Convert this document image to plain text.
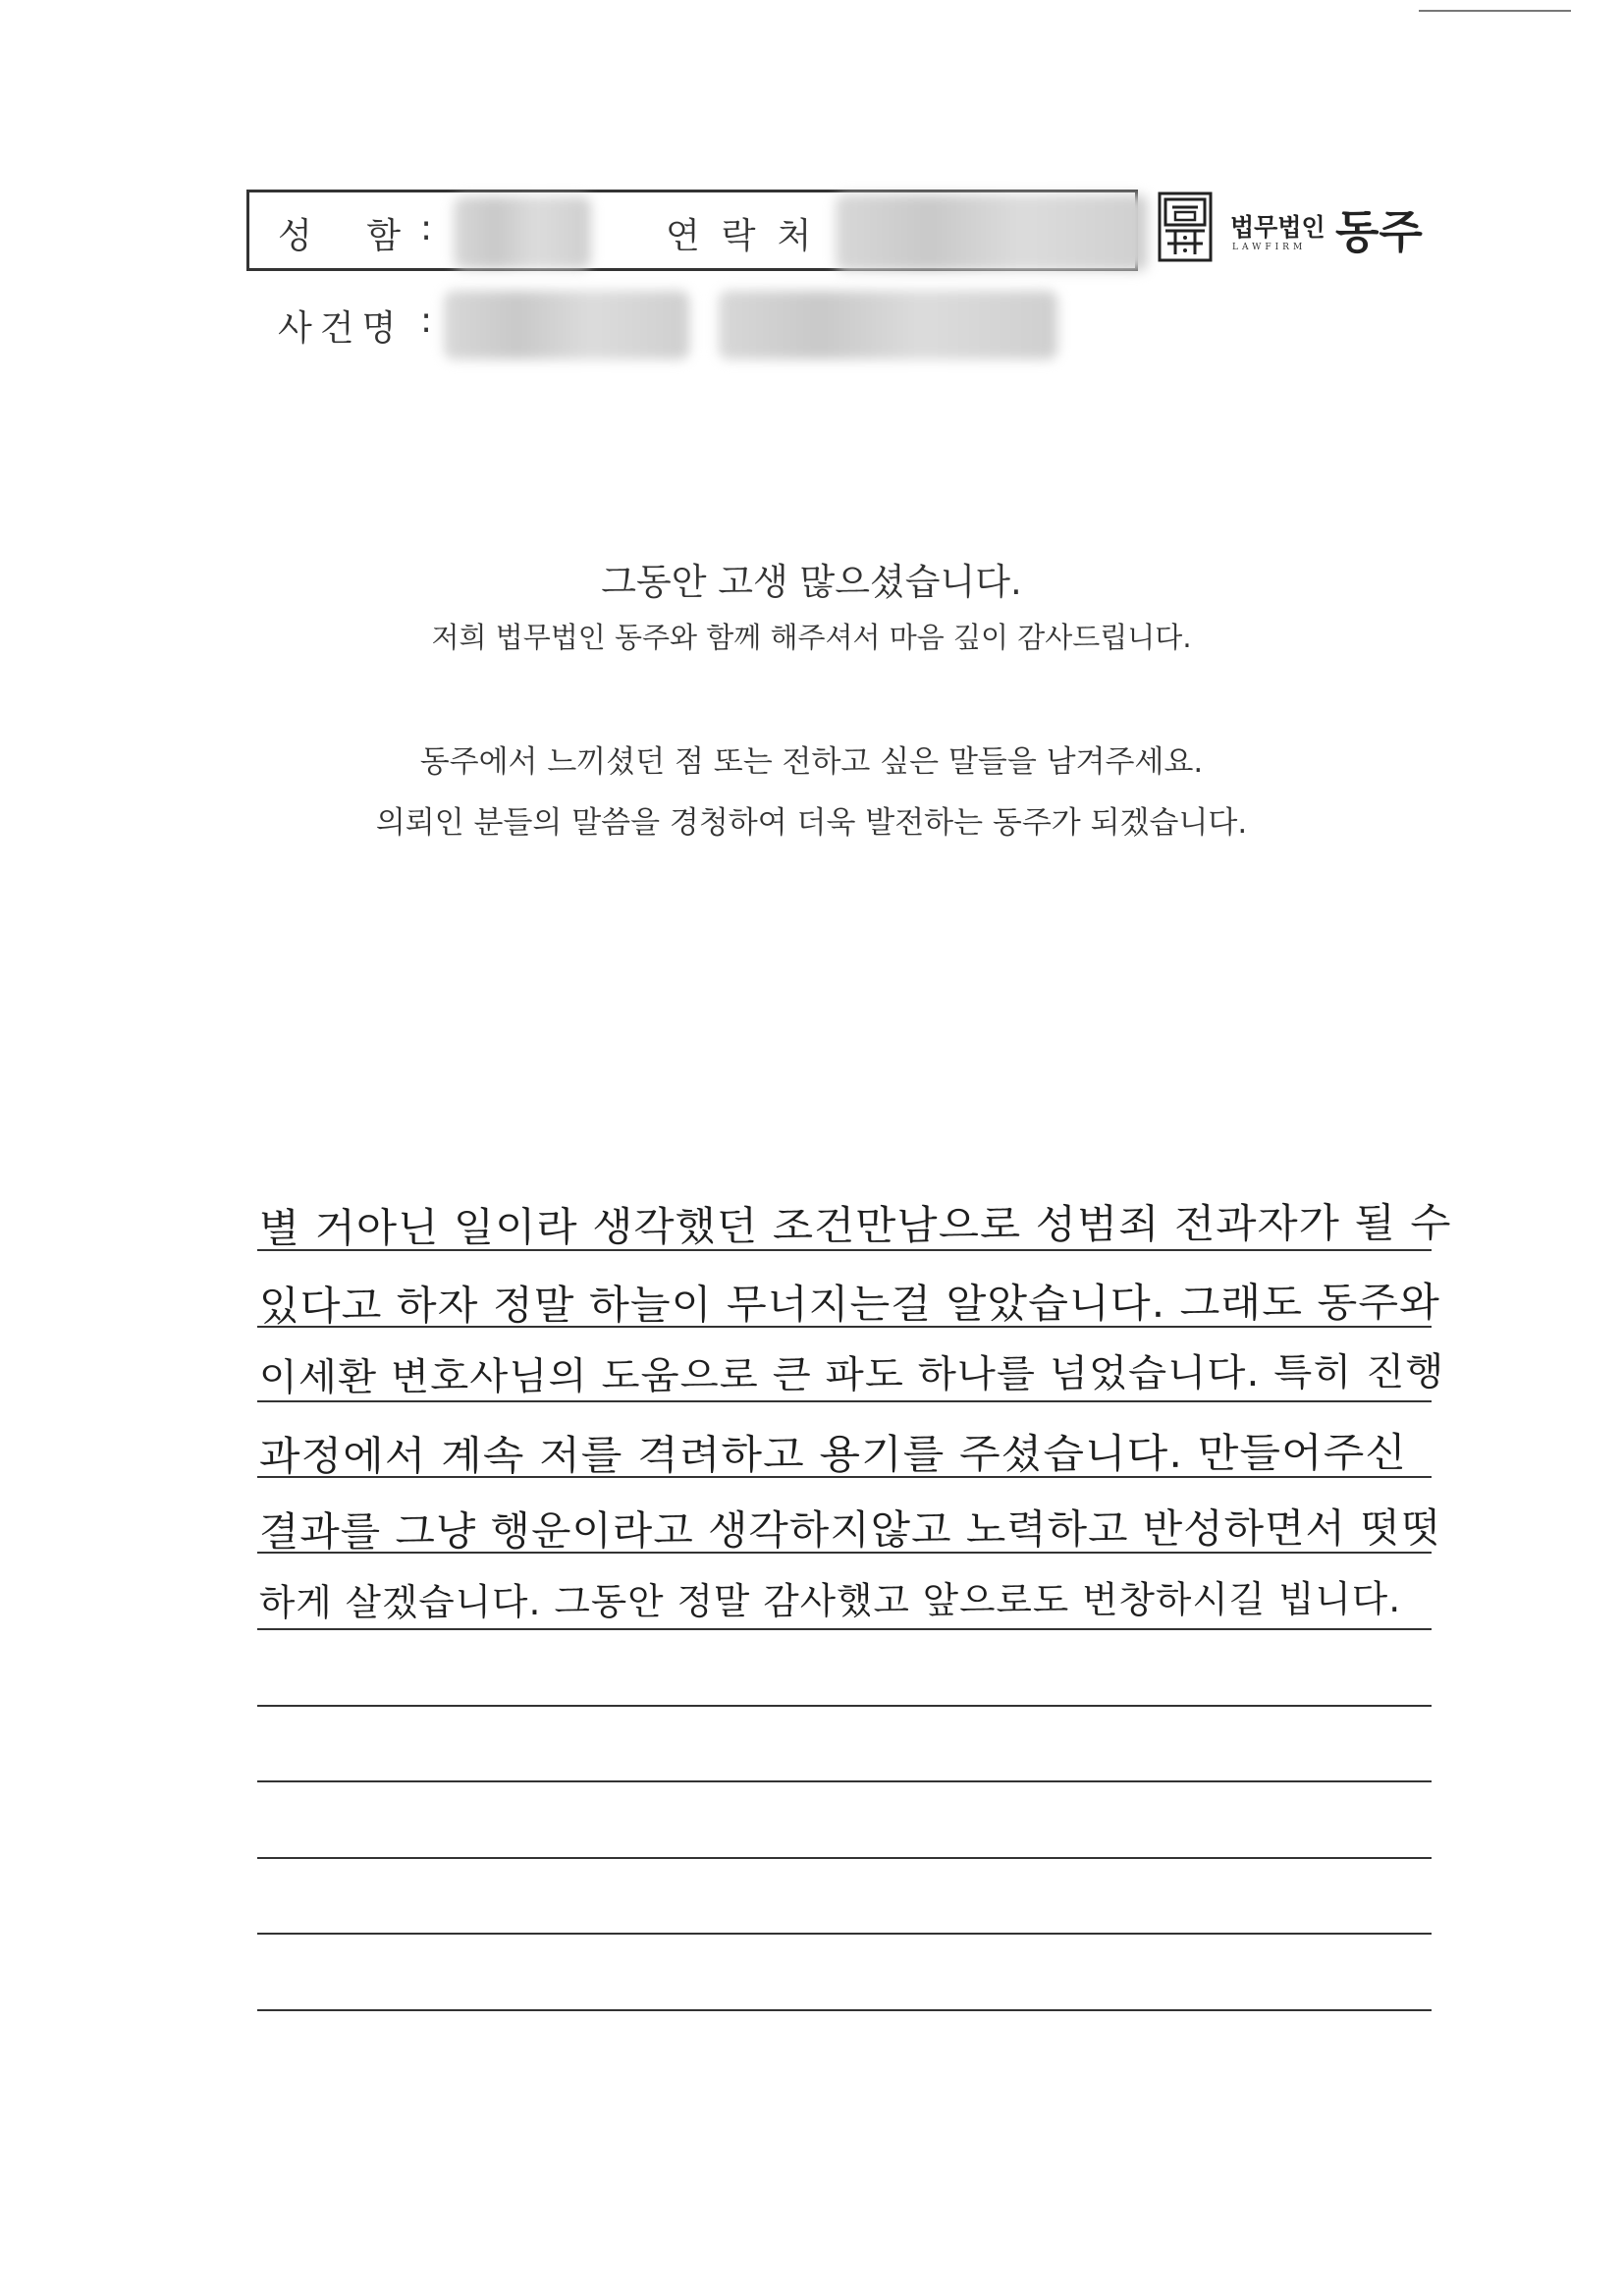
성 함
:	연락처
사건명 :
법무법인
LAWFIRM 동주
그동안 고생 많으셨습니다.
저희 법무법인 동주와 함께 해주셔서 마음 깊이 감사드립니다.
동주에서 느끼셨던 점 또는 전하고 싶은 말들을 남겨주세요.
의뢰인 분들의 말씀을 경청하여 더욱 발전하는 동주가 되겠습니다.
별 거아닌 일이라 생각했던 조건만남으로 성범죄 전과자가 될 수
있다고 하자 정말 하늘이 무너지는걸 알았습니다. 그래도 동주와
이세환 변호사님의 도움으로 큰 파도 하나를 넘었습니다. 특히 진행
과정에서 계속 저를 격려하고 용기를 주셨습니다. 만들어주신
결과를 그냥 행운이라고 생각하지않고 노력하고 반성하면서 떳떳
하게 살겠습니다. 그동안 정말 감사했고 앞으로도 번창하시길 빕니다.
